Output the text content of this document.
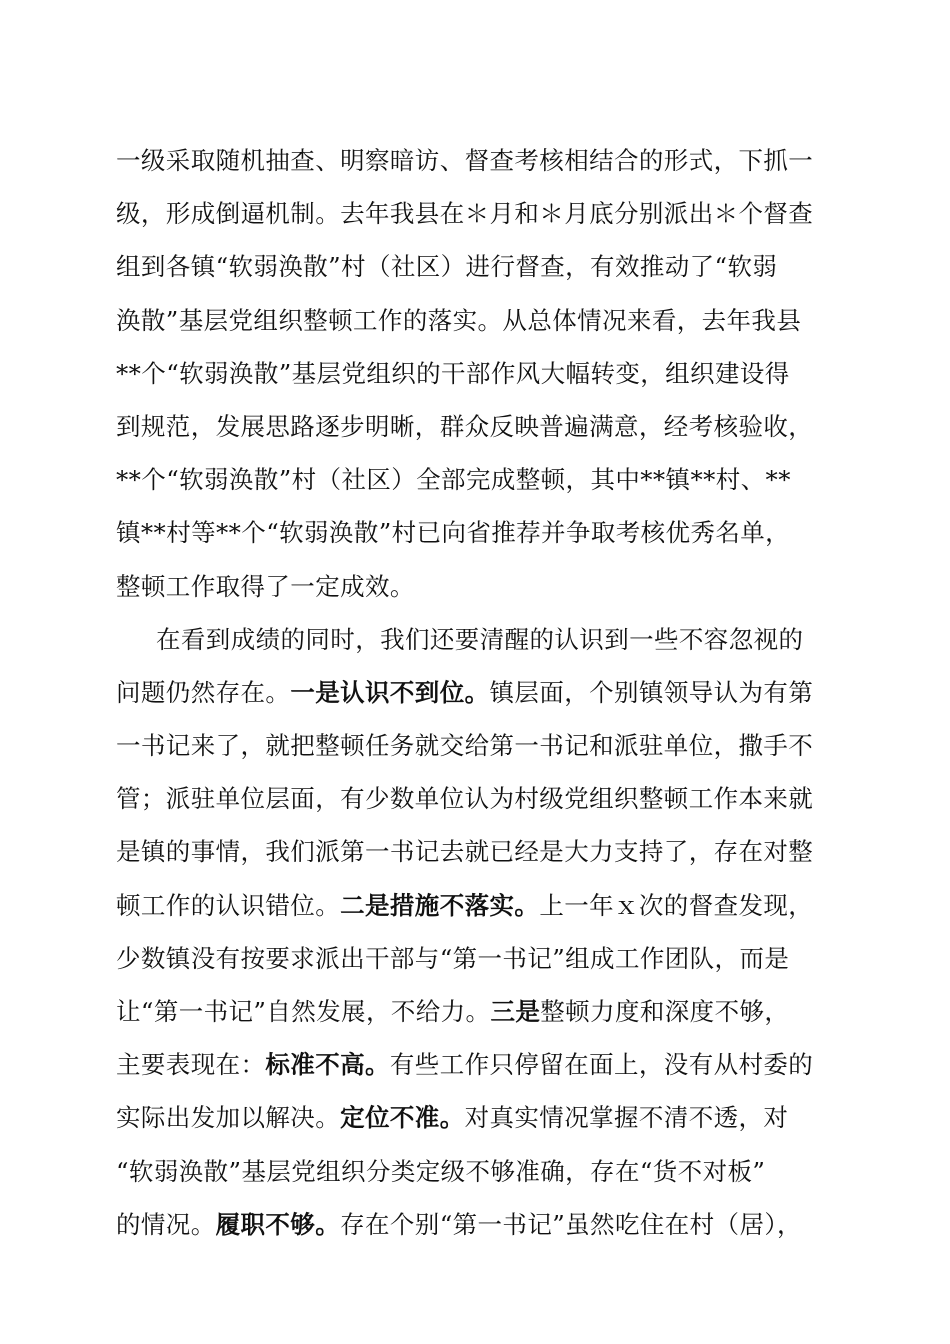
一级采取随机抽查、明察暗访、督查考核相结合的形式，下抓一
级，形成倒逼机制。去年我县在＊月和＊月底分别派出＊个督查
组到各镇“软弱涣散”村（社区）进行督查，有效推动了“软弱
涣散”基层党组织整顿工作的落实。从总体情况来看，去年我县
**个“软弱涣散”基层党组织的干部作风大幅转变，组织建设得
到规范，发展思路逐步明晰，群众反映普遍满意，经考核验收，
**个“软弱涣散”村（社区）全部完成整顿，其中**镇**村、**
镇**村等**个“软弱涣散”村已向省推荐并争取考核优秀名单，
整顿工作取得了一定成效。
在看到成绩的同时，我们还要清醒的认识到一些不容忽视的
问题仍然存在。一是认识不到位。镇层面，个别镇领导认为有第
一书记来了，就把整顿任务就交给第一书记和派驻单位，撒手不
管；派驻单位层面，有少数单位认为村级党组织整顿工作本来就
是镇的事情，我们派第一书记去就已经是大力支持了，存在对整
顿工作的认识错位。二是措施不落实。上一年ｘ次的督查发现，
少数镇没有按要求派出干部与“第一书记”组成工作团队，而是
让“第一书记”自然发展，不给力。三是整顿力度和深度不够，
主要表现在：标准不高。有些工作只停留在面上，没有从村委的
实际出发加以解决。定位不准。对真实情况掌握不清不透，对
“软弱涣散”基层党组织分类定级不够准确，存在“货不对板”
的情况。履职不够。存在个别“第一书记”虽然吃住在村（居），
